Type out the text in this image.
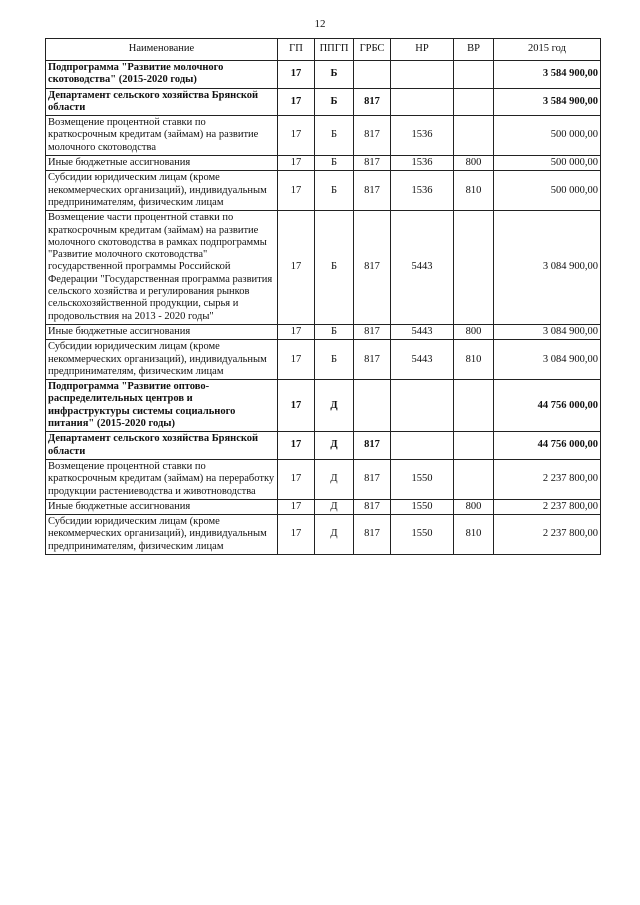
12
Наименование	ГП	ППГП	ГРБС	НР	ВР	2015 год
Подпрограмма "Развитие молочного скотоводства" (2015-2020 годы)	17	Б				3 584 900,00
Департамент сельского хозяйства Брянской области	17	Б	817			3 584 900,00
Возмещение процентной ставки по краткосрочным кредитам (займам) на развитие молочного скотоводства	17	Б	817	1536		500 000,00
Иные бюджетные ассигнования	17	Б	817	1536	800	500 000,00
Субсидии юридическим лицам (кроме некоммерческих организаций), индивидуальным предпринимателям, физическим лицам	17	Б	817	1536	810	500 000,00
Возмещение части процентной ставки по краткосрочным кредитам (займам) на развитие молочного скотоводства в рамках подпрограммы "Развитие молочного скотоводства" государственной программы Российской Федерации "Государственная программа развития сельского хозяйства и регулирования рынков сельскохозяйственной продукции, сырья и продовольствия на 2013 - 2020 годы"	17	Б	817	5443		3 084 900,00
Иные бюджетные ассигнования	17	Б	817	5443	800	3 084 900,00
Субсидии юридическим лицам (кроме некоммерческих организаций), индивидуальным предпринимателям, физическим лицам	17	Б	817	5443	810	3 084 900,00
Подпрограмма "Развитие оптово-распределительных центров и инфраструктуры системы социального питания" (2015-2020 годы)	17	Д				44 756 000,00
Департамент сельского хозяйства Брянской области	17	Д	817			44 756 000,00
Возмещение процентной ставки по краткосрочным кредитам (займам) на переработку продукции растениеводства и животноводства	17	Д	817	1550		2 237 800,00
Иные бюджетные ассигнования	17	Д	817	1550	800	2 237 800,00
Субсидии юридическим лицам (кроме некоммерческих организаций), индивидуальным предпринимателям, физическим лицам	17	Д	817	1550	810	2 237 800,00
